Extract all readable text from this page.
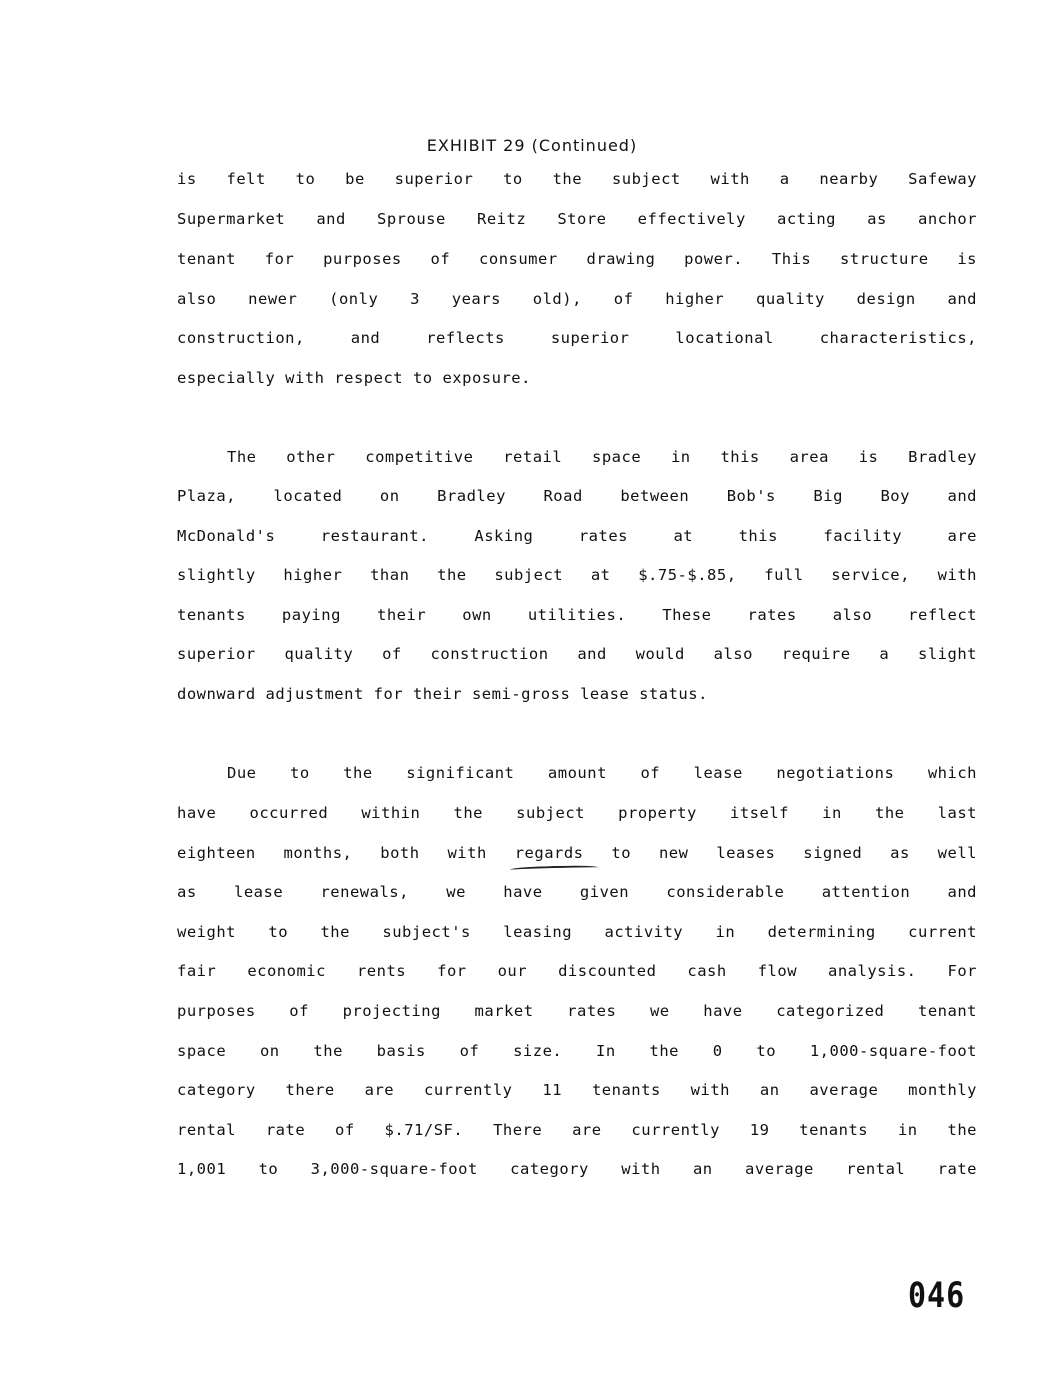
EXHIBIT 29 (Continued)
is felt to be superior to the subject with a nearby Safeway
Supermarket and Sprouse Reitz Store effectively acting as anchor
tenant for purposes of consumer drawing power. This structure is
also newer (only 3 years old), of higher quality design and
construction, and reflects superior locational characteristics,
especially with respect to exposure.
The other competitive retail space in this area is Bradley
Plaza, located on Bradley Road between Bob's Big Boy and
McDonald's restaurant. Asking rates at this facility are
slightly higher than the subject at $.75-$.85, full service, with
tenants paying their own utilities. These rates also reflect
superior quality of construction and would also require a slight
downward adjustment for their semi-gross lease status.
Due to the significant amount of lease negotiations which
have occurred within the subject property itself in the last
eighteen months, both with regards to new leases signed as well
as lease renewals, we have given considerable attention and
weight to the subject's leasing activity in determining current
fair economic rents for our discounted cash flow analysis. For
purposes of projecting market rates we have categorized tenant
space on the basis of size. In the 0 to 1,000-square-foot
category there are currently 11 tenants with an average monthly
rental rate of $.71/SF. There are currently 19 tenants in the
1,001 to 3,000-square-foot category with an average rental rate
046
